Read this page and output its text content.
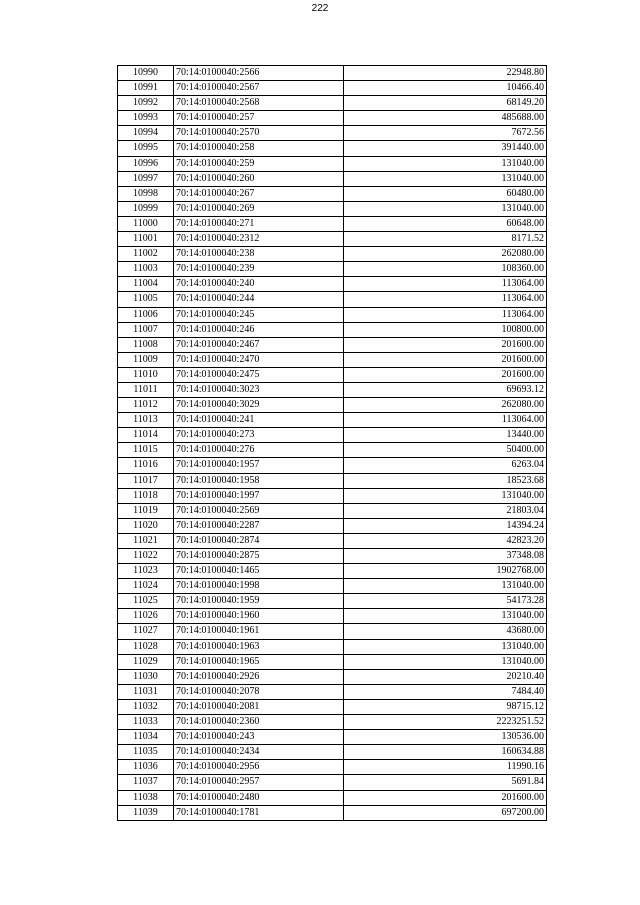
222
10990	70:14:0100040:2566	22948.80
10991	70:14:0100040:2567	10466.40
10992	70:14:0100040:2568	68149.20
10993	70:14:0100040:257	485688.00
10994	70:14:0100040:2570	7672.56
10995	70:14:0100040:258	391440.00
10996	70:14:0100040:259	131040.00
10997	70:14:0100040:260	131040.00
10998	70:14:0100040:267	60480.00
10999	70:14:0100040:269	131040.00
11000	70:14:0100040:271	60648.00
11001	70:14:0100040:2312	8171.52
11002	70:14:0100040:238	262080.00
11003	70:14:0100040:239	108360.00
11004	70:14:0100040:240	113064.00
11005	70:14:0100040:244	113064.00
11006	70:14:0100040:245	113064.00
11007	70:14:0100040:246	100800.00
11008	70:14:0100040:2467	201600.00
11009	70:14:0100040:2470	201600.00
11010	70:14:0100040:2475	201600.00
11011	70:14:0100040:3023	69693.12
11012	70:14:0100040:3029	262080.00
11013	70:14:0100040:241	113064.00
11014	70:14:0100040:273	13440.00
11015	70:14:0100040:276	50400.00
11016	70:14:0100040:1957	6263.04
11017	70:14:0100040:1958	18523.68
11018	70:14:0100040:1997	131040.00
11019	70:14:0100040:2569	21803.04
11020	70:14:0100040:2287	14394.24
11021	70:14:0100040:2874	42823.20
11022	70:14:0100040:2875	37348.08
11023	70:14:0100040:1465	1902768.00
11024	70:14:0100040:1998	131040.00
11025	70:14:0100040:1959	54173.28
11026	70:14:0100040:1960	131040.00
11027	70:14:0100040:1961	43680.00
11028	70:14:0100040:1963	131040.00
11029	70:14:0100040:1965	131040.00
11030	70:14:0100040:2926	20210.40
11031	70:14:0100040:2078	7484.40
11032	70:14:0100040:2081	98715.12
11033	70:14:0100040:2360	2223251.52
11034	70:14:0100040:243	130536.00
11035	70:14:0100040:2434	160634.88
11036	70:14:0100040:2956	11990.16
11037	70:14:0100040:2957	5691.84
11038	70:14:0100040:2480	201600.00
11039	70:14:0100040:1781	697200.00
